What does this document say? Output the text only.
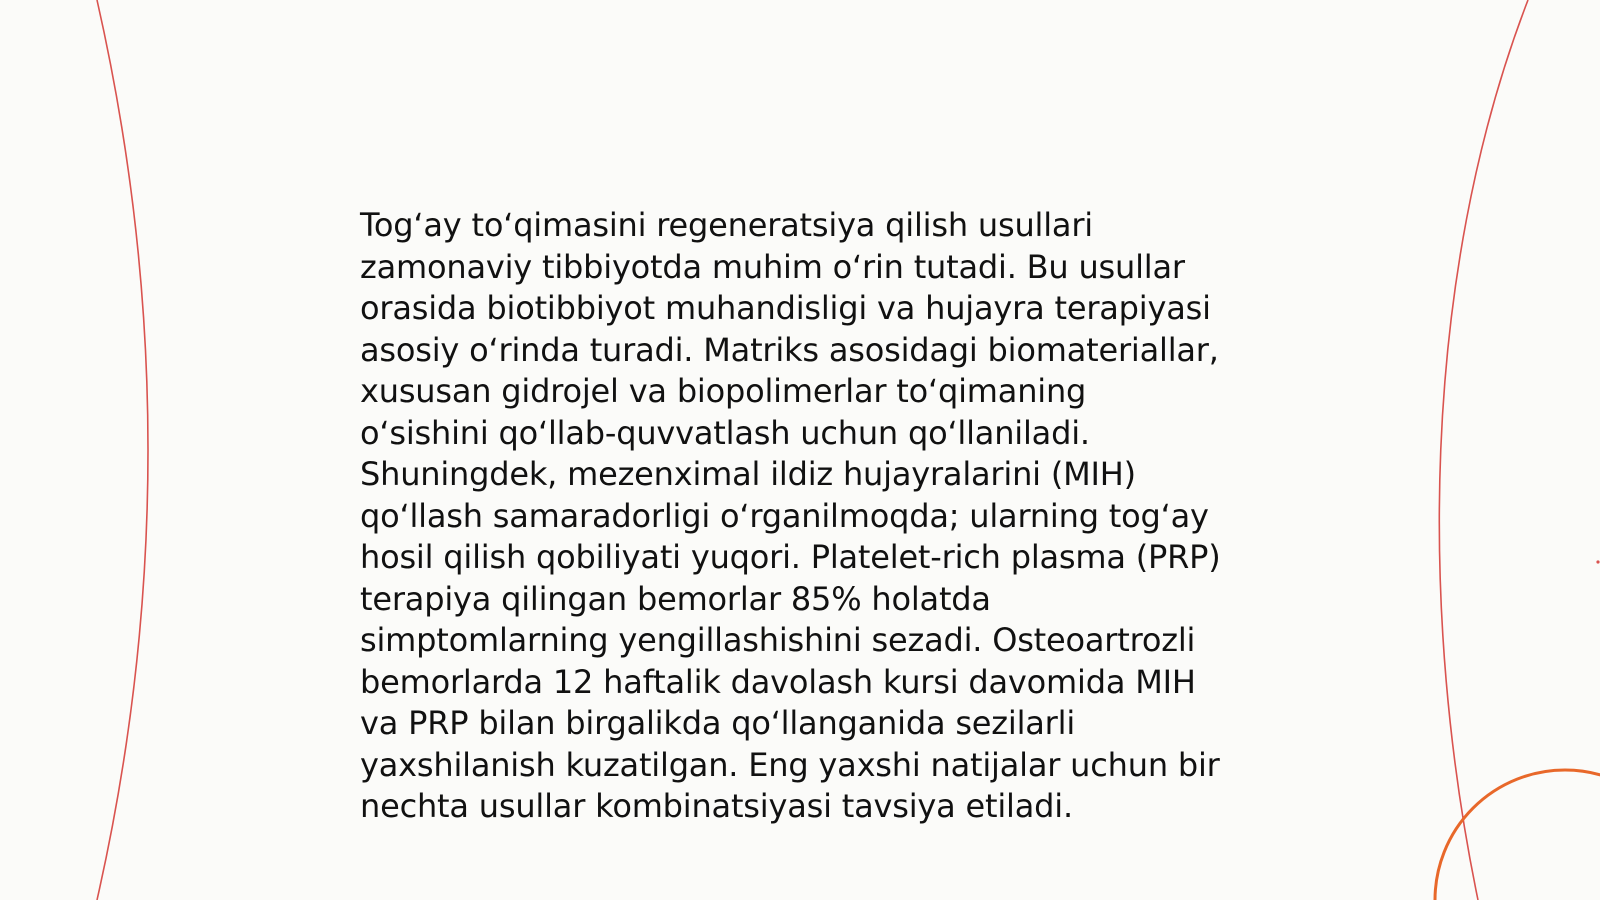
Tog‘ay to‘qimasini regeneratsiya qilish usullari
zamonaviy tibbiyotda muhim o‘rin tutadi. Bu usullar
orasida biotibbiyot muhandisligi va hujayra terapiyasi
asosiy o‘rinda turadi. Matriks asosidagi biomateriallar,
xususan gidrojel va biopolimerlar to‘qimaning
o‘sishini qo‘llab-quvvatlash uchun qo‘llaniladi.
Shuningdek, mezenximal ildiz hujayralarini (MIH)
qo‘llash samaradorligi o‘rganilmoqda; ularning tog‘ay
hosil qilish qobiliyati yuqori. Platelet-rich plasma (PRP)
terapiya qilingan bemorlar 85% holatda
simptomlarning yengillashishini sezadi. Osteoartrozli
bemorlarda 12 haftalik davolash kursi davomida MIH
va PRP bilan birgalikda qo‘llanganida sezilarli
yaxshilanish kuzatilgan. Eng yaxshi natijalar uchun bir
nechta usullar kombinatsiyasi tavsiya etiladi.
